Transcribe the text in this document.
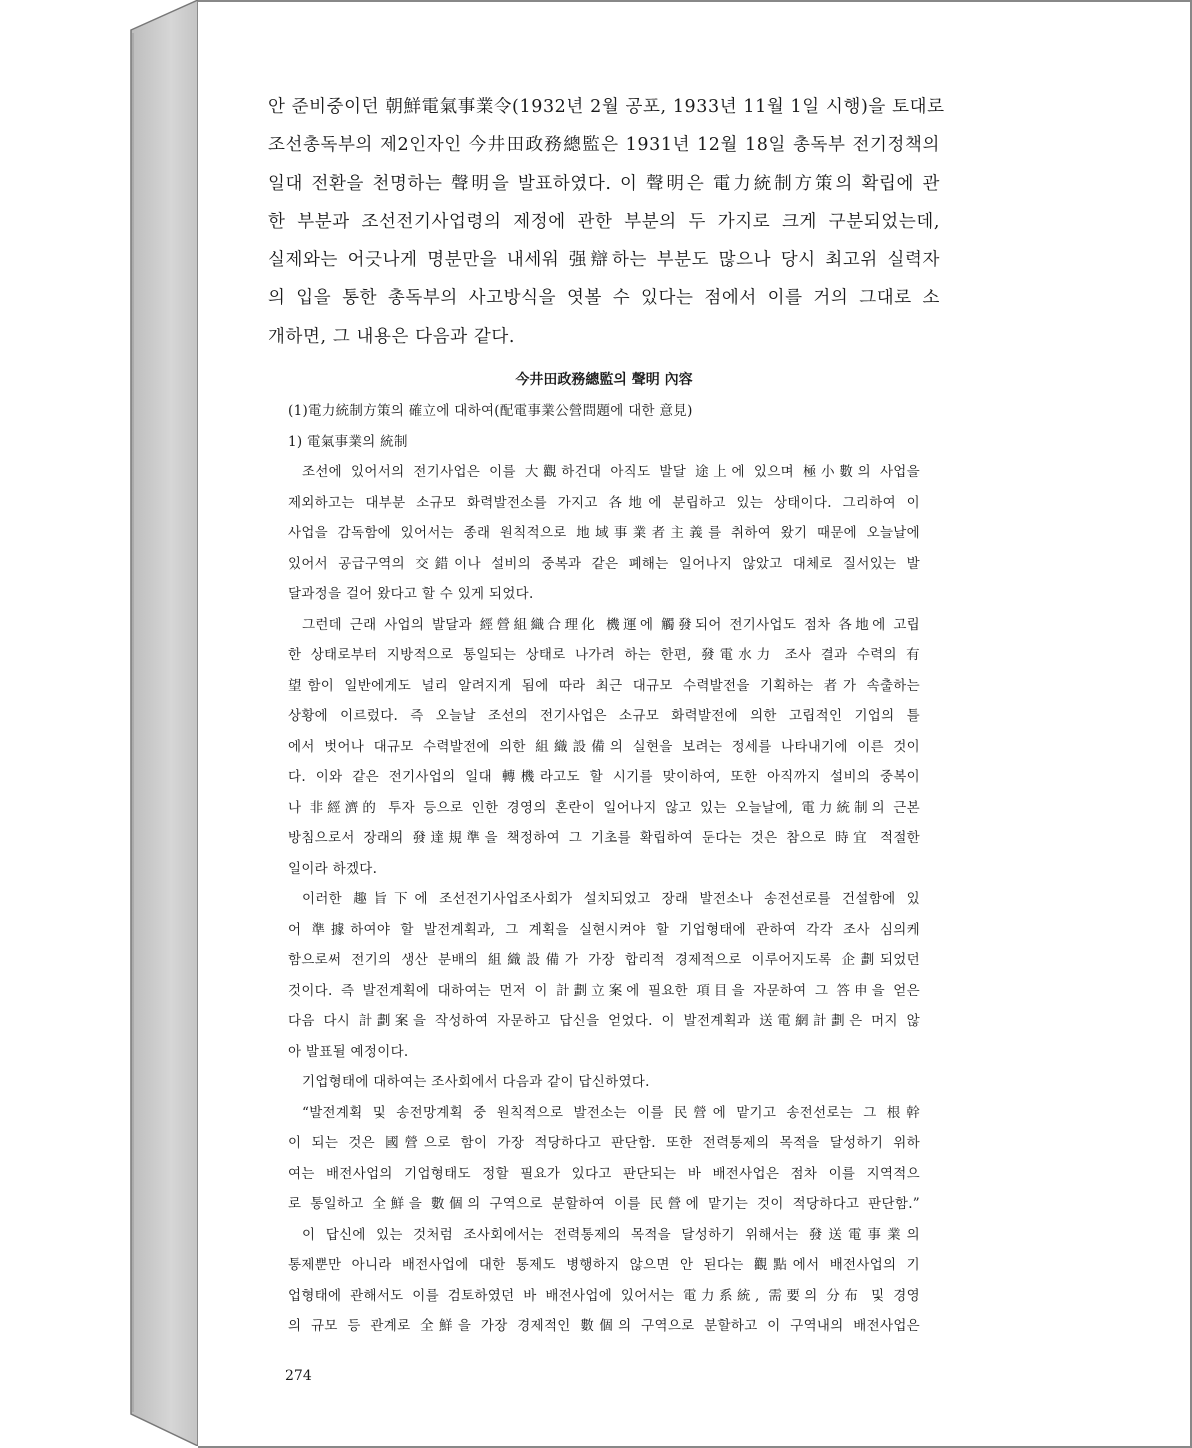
안 준비중이던 朝鮮電氣事業令(1932년 2월 공포, 1933년 11월 1일 시행)을 토대로
조선총독부의 제2인자인 今井田政務總監은 1931년 12월 18일 총독부 전기정책의
일대 전환을 천명하는 聲明을 발표하였다. 이 聲明은 電力統制方策의 확립에 관
한 부분과 조선전기사업령의 제정에 관한 부분의 두 가지로 크게 구분되었는데,
실제와는 어긋나게 명분만을 내세워 强辯하는 부분도 많으나 당시 최고위 실력자
의 입을 통한 총독부의 사고방식을 엿볼 수 있다는 점에서 이를 거의 그대로 소
개하면, 그 내용은 다음과 같다.
今井田政務總監의 聲明 內容
(1)電力統制方策의 確立에 대하여(配電事業公營問題에 대한 意見)
1) 電氣事業의 統制
조선에 있어서의 전기사업은 이를 大觀하건대 아직도 발달 途上에 있으며 極小數의 사업을
제외하고는 대부분 소규모 화력발전소를 가지고 各地에 분립하고 있는 상태이다. 그리하여 이
사업을 감독함에 있어서는 종래 원칙적으로 地域事業者主義를 취하여 왔기 때문에 오늘날에
있어서 공급구역의 交錯이나 설비의 중복과 같은 폐해는 일어나지 않았고 대체로 질서있는 발
달과정을 걸어 왔다고 할 수 있게 되었다.
그런데 근래 사업의 발달과 經營組織合理化 機運에 觸發되어 전기사업도 점차 各地에 고립
한 상태로부터 지방적으로 통일되는 상태로 나가려 하는 한편, 發電水力 조사 결과 수력의 有
望함이 일반에게도 널리 알려지게 됨에 따라 최근 대규모 수력발전을 기획하는 者가 속출하는
상황에 이르렀다. 즉 오늘날 조선의 전기사업은 소규모 화력발전에 의한 고립적인 기업의 틀
에서 벗어나 대규모 수력발전에 의한 組織設備의 실현을 보려는 정세를 나타내기에 이른 것이
다. 이와 같은 전기사업의 일대 轉機라고도 할 시기를 맞이하여, 또한 아직까지 설비의 중복이
나 非經濟的 투자 등으로 인한 경영의 혼란이 일어나지 않고 있는 오늘날에, 電力統制의 근본
방침으로서 장래의 發達規準을 책정하여 그 기초를 확립하여 둔다는 것은 참으로 時宜 적절한
일이라 하겠다.
이러한 趣旨下에 조선전기사업조사회가 설치되었고 장래 발전소나 송전선로를 건설함에 있
어 準據하여야 할 발전계획과, 그 계획을 실현시켜야 할 기업형태에 관하여 각각 조사 심의케
함으로써 전기의 생산 분배의 組織設備가 가장 합리적 경제적으로 이루어지도록 企劃되었던
것이다. 즉 발전계획에 대하여는 먼저 이 計劃立案에 필요한 項目을 자문하여 그 答申을 얻은
다음 다시 計劃案을 작성하여 자문하고 답신을 얻었다. 이 발전계획과 送電網計劃은 머지 않
아 발표될 예정이다.
기업형태에 대하여는 조사회에서 다음과 같이 답신하였다.
“발전계획 및 송전망계획 중 원칙적으로 발전소는 이를 民營에 맡기고 송전선로는 그 根幹
이 되는 것은 國營으로 함이 가장 적당하다고 판단함. 또한 전력통제의 목적을 달성하기 위하
여는 배전사업의 기업형태도 정할 필요가 있다고 판단되는 바 배전사업은 점차 이를 지역적으
로 통일하고 全鮮을 數個의 구역으로 분할하여 이를 民營에 맡기는 것이 적당하다고 판단함.”
이 답신에 있는 것처럼 조사회에서는 전력통제의 목적을 달성하기 위해서는 發送電事業의
통제뿐만 아니라 배전사업에 대한 통제도 병행하지 않으면 안 된다는 觀點에서 배전사업의 기
업형태에 관해서도 이를 검토하였던 바 배전사업에 있어서는 電力系統, 需要의 分布 및 경영
의 규모 등 관계로 全鮮을 가장 경제적인 數個의 구역으로 분할하고 이 구역내의 배전사업은
274
